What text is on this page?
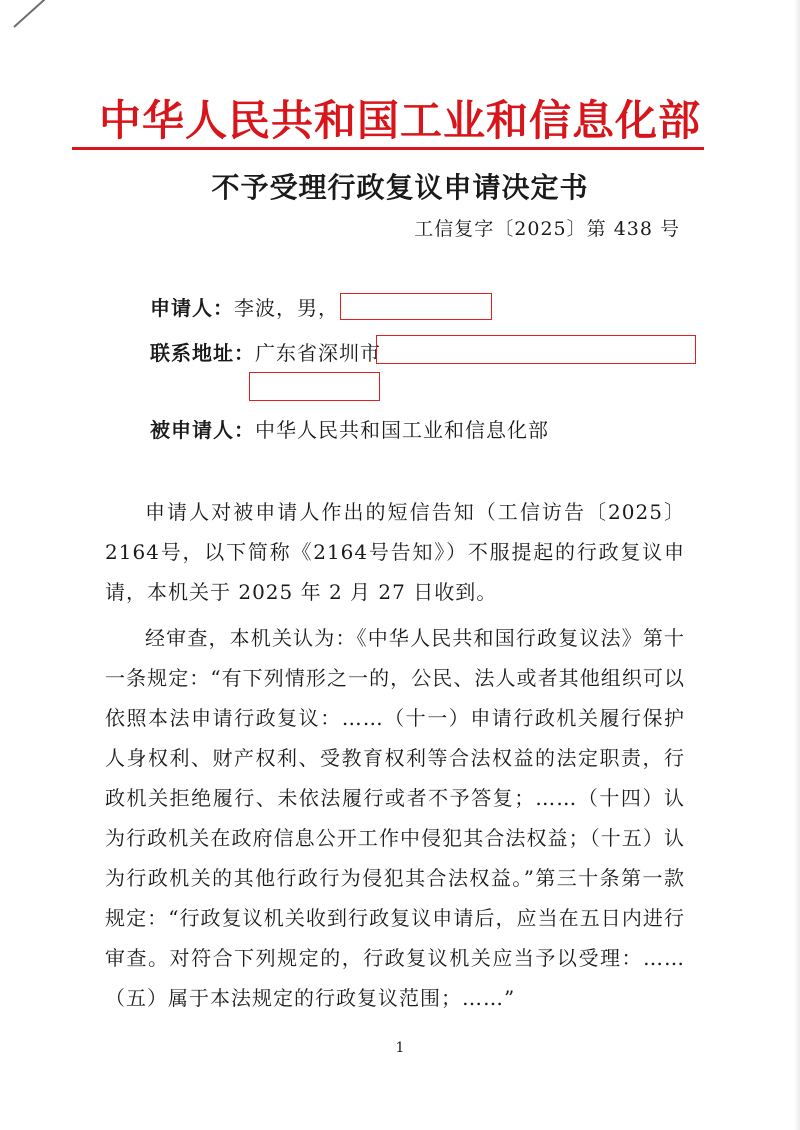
中华人民共和国工业和信息化部
不予受理行政复议申请决定书
工信复字〔2025〕第 438 号
申请人：李波，男，
联系地址：广东省深圳市
被申请人：中华人民共和国工业和信息化部

申请人对被申请人作出的短信告知（工信访告〔2025〕2164号，以下简称《2164号告知》）不服提起的行政复议申请，本机关于 2025 年 2 月 27 日收到。

经审查，本机关认为：《中华人民共和国行政复议法》第十一条规定：“有下列情形之一的，公民、法人或者其他组织可以依照本法申请行政复议：……（十一）申请行政机关履行保护人身权利、财产权利、受教育权利等合法权益的法定职责，行政机关拒绝履行、未依法履行或者不予答复；……（十四）认为行政机关在政府信息公开工作中侵犯其合法权益；（十五）认为行政机关的其他行政行为侵犯其合法权益。”第三十条第一款规定：“行政复议机关收到行政复议申请后，应当在五日内进行审查。对符合下列规定的，行政复议机关应当予以受理：……（五）属于本法规定的行政复议范围；……”

1
